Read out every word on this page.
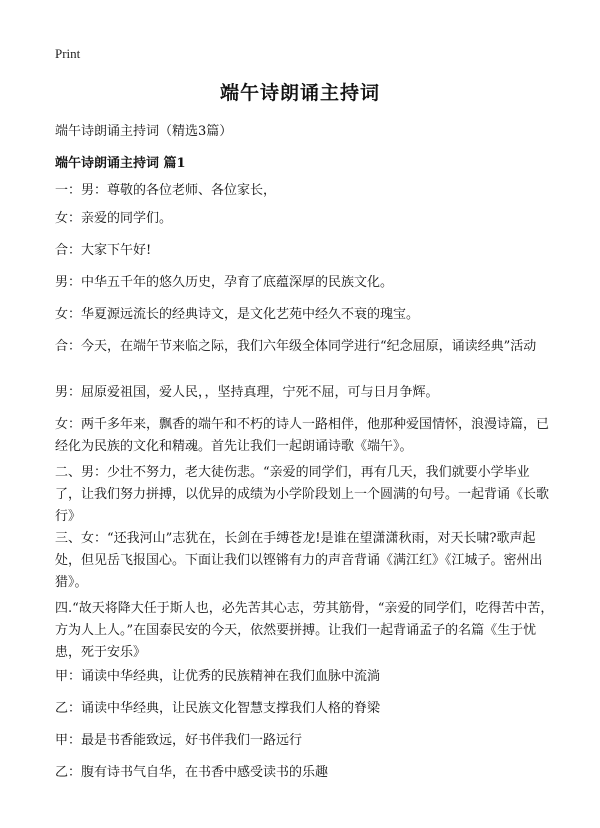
Print
端午诗朗诵主持词
端午诗朗诵主持词（精选3篇）
端午诗朗诵主持词 篇1

一：男：尊敬的各位老师、各位家长，

女：亲爱的同学们。

合：大家下午好!

男：中华五千年的悠久历史，孕育了底蕴深厚的民族文化。

女：华夏源远流长的经典诗文，是文化艺苑中经久不衰的瑰宝。

合：今天，在端午节来临之际，我们六年级全体同学进行“纪念屈原，诵读经典”活动

男：屈原爱祖国，爱人民，，坚持真理，宁死不屈，可与日月争辉。

女：两千多年来，飘香的端午和不朽的诗人一路相伴，他那种爱国情怀，浪漫诗篇，已经化为民族的文化和精魂。首先让我们一起朗诵诗歌《端午》。

二、男：少壮不努力，老大徒伤悲。“亲爱的同学们，再有几天，我们就要小学毕业了，让我们努力拼搏，以优异的成绩为小学阶段划上一个圆满的句号。一起背诵《长歌行》

三、女：“还我河山”志犹在，长剑在手缚苍龙!是谁在望潇潇秋雨，对天长啸?歌声起处，但见岳飞报国心。下面让我们以铿锵有力的声音背诵《满江红》《江城子。密州出猎》。

四.“故天将降大任于斯人也，必先苦其心志，劳其筋骨，“亲爱的同学们，吃得苦中苦，方为人上人。”在国泰民安的今天，依然要拼搏。让我们一起背诵孟子的名篇《生于忧患，死于安乐》

甲：诵读中华经典，让优秀的民族精神在我们血脉中流淌

乙：诵读中华经典，让民族文化智慧支撑我们人格的脊梁

甲：最是书香能致远，好书伴我们一路远行

乙：腹有诗书气自华，在书香中感受读书的乐趣
